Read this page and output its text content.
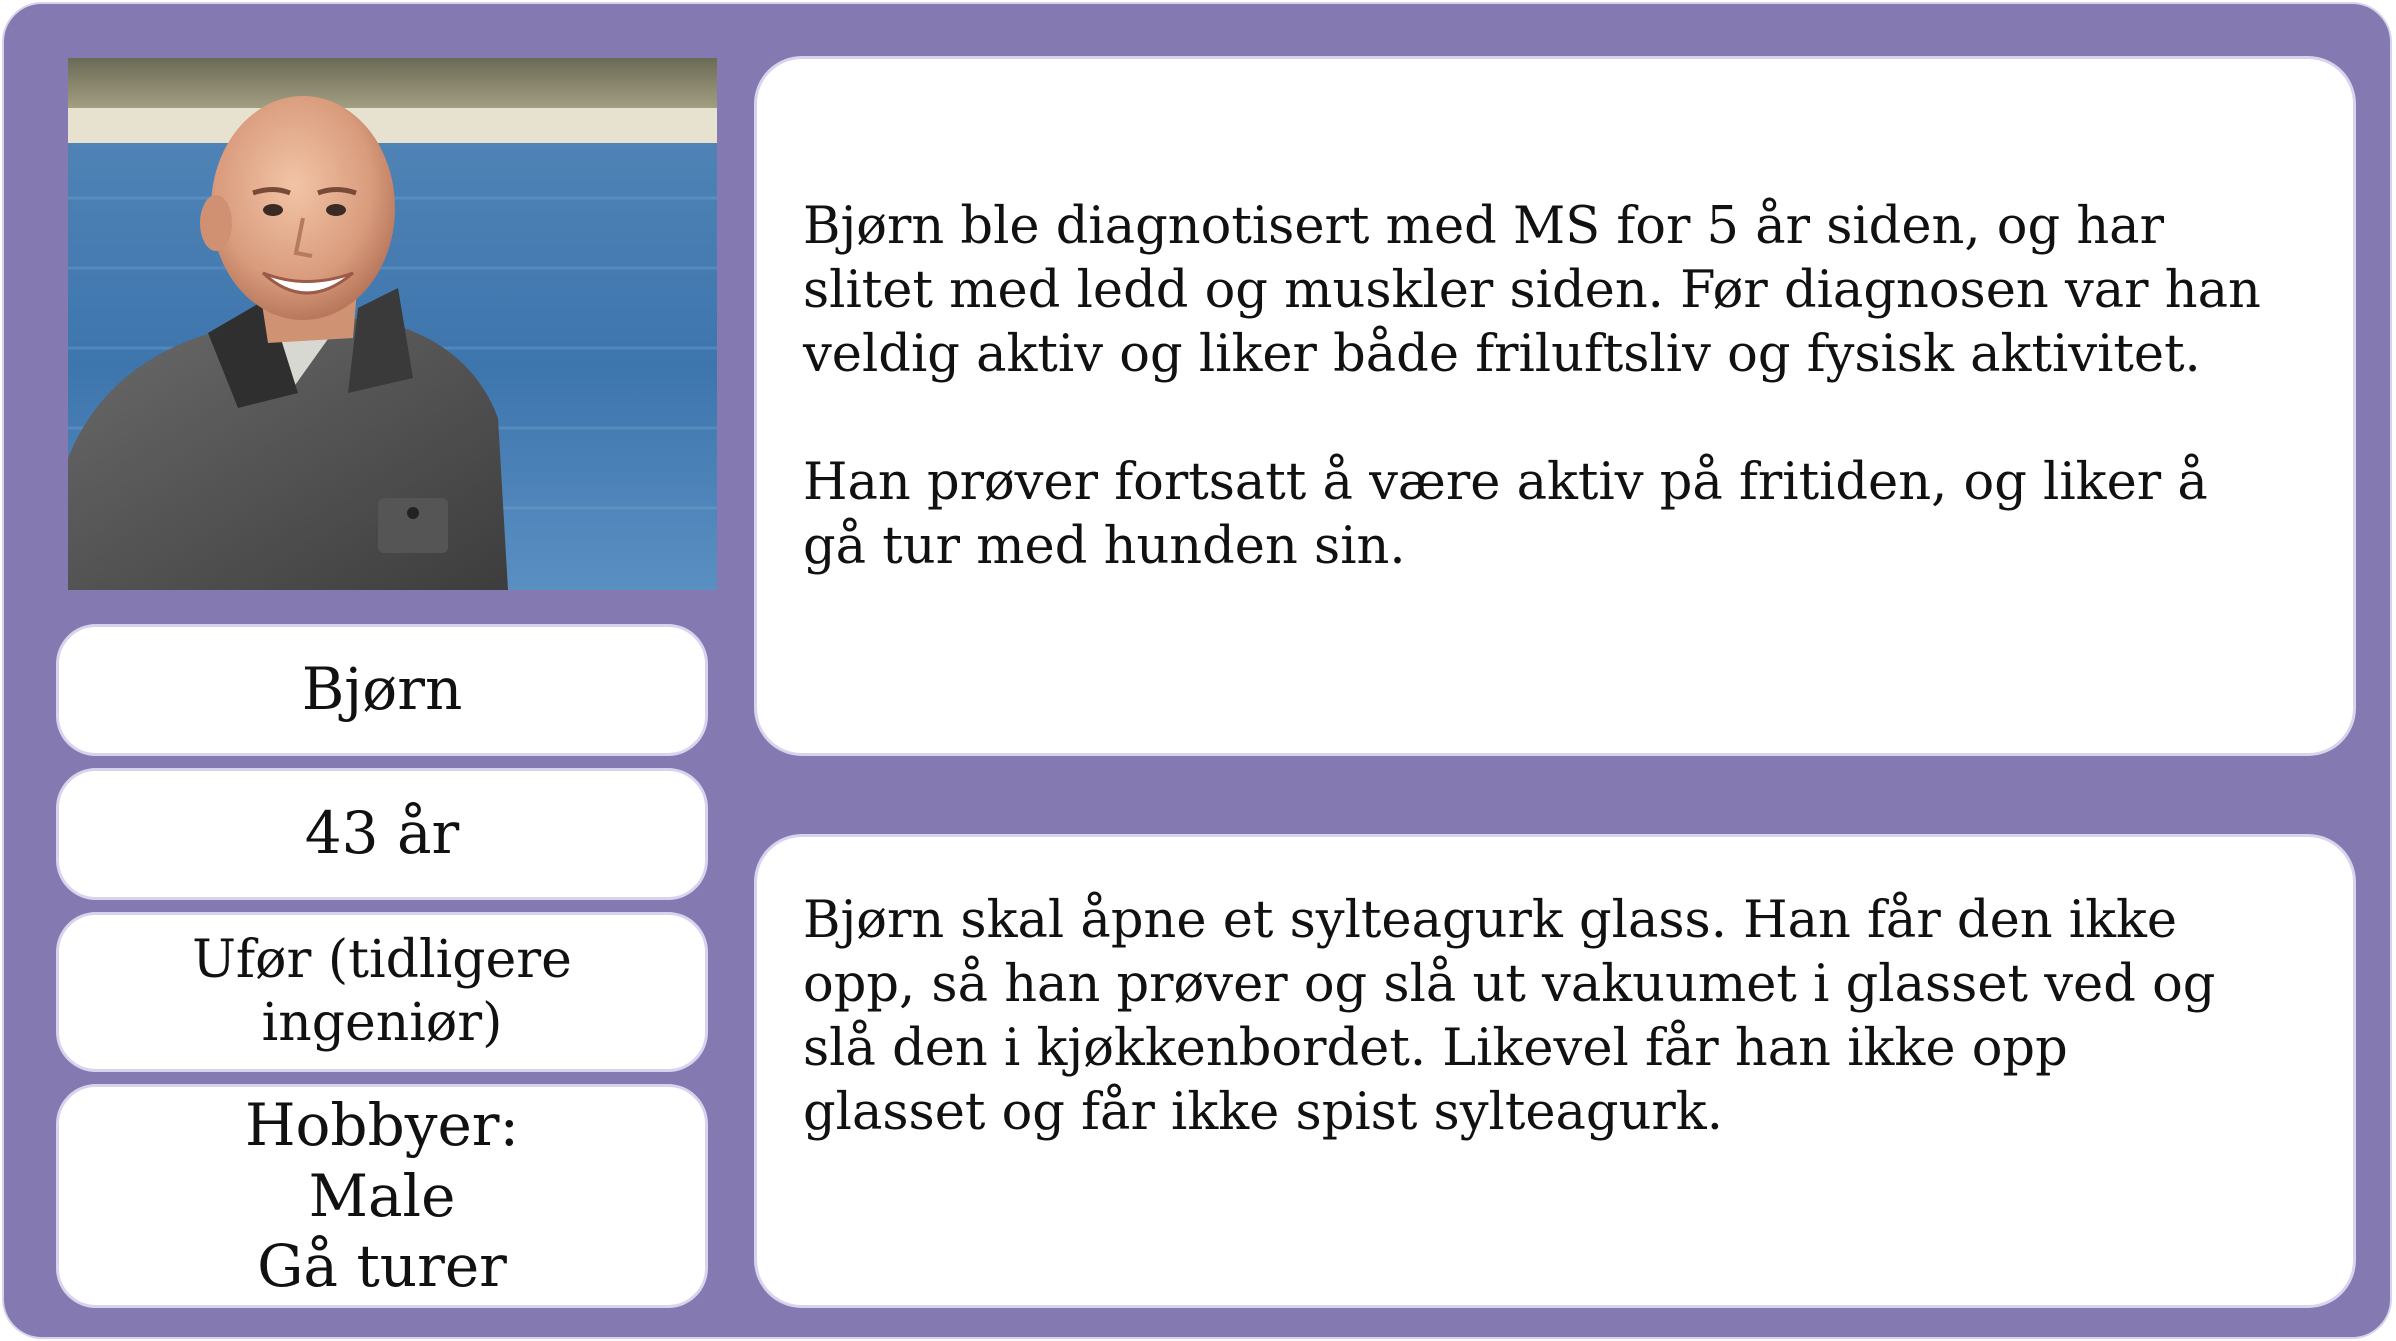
Bjørn
43 år
Ufør (tidligere
ingeniør)
Hobbyer:
Male
Gå turer

Bjørn ble diagnotisert med MS for 5 år siden, og har slitet med ledd og muskler siden. Før diagnosen var han veldig aktiv og liker både friluftsliv og fysisk aktivitet.

Han prøver fortsatt å være aktiv på fritiden, og liker å gå tur med hunden sin.

Bjørn skal åpne et sylteagurk glass. Han får den ikke opp, så han prøver og slå ut vakuumet i glasset ved og slå den i kjøkkenbordet. Likevel får han ikke opp glasset og får ikke spist sylteagurk.
